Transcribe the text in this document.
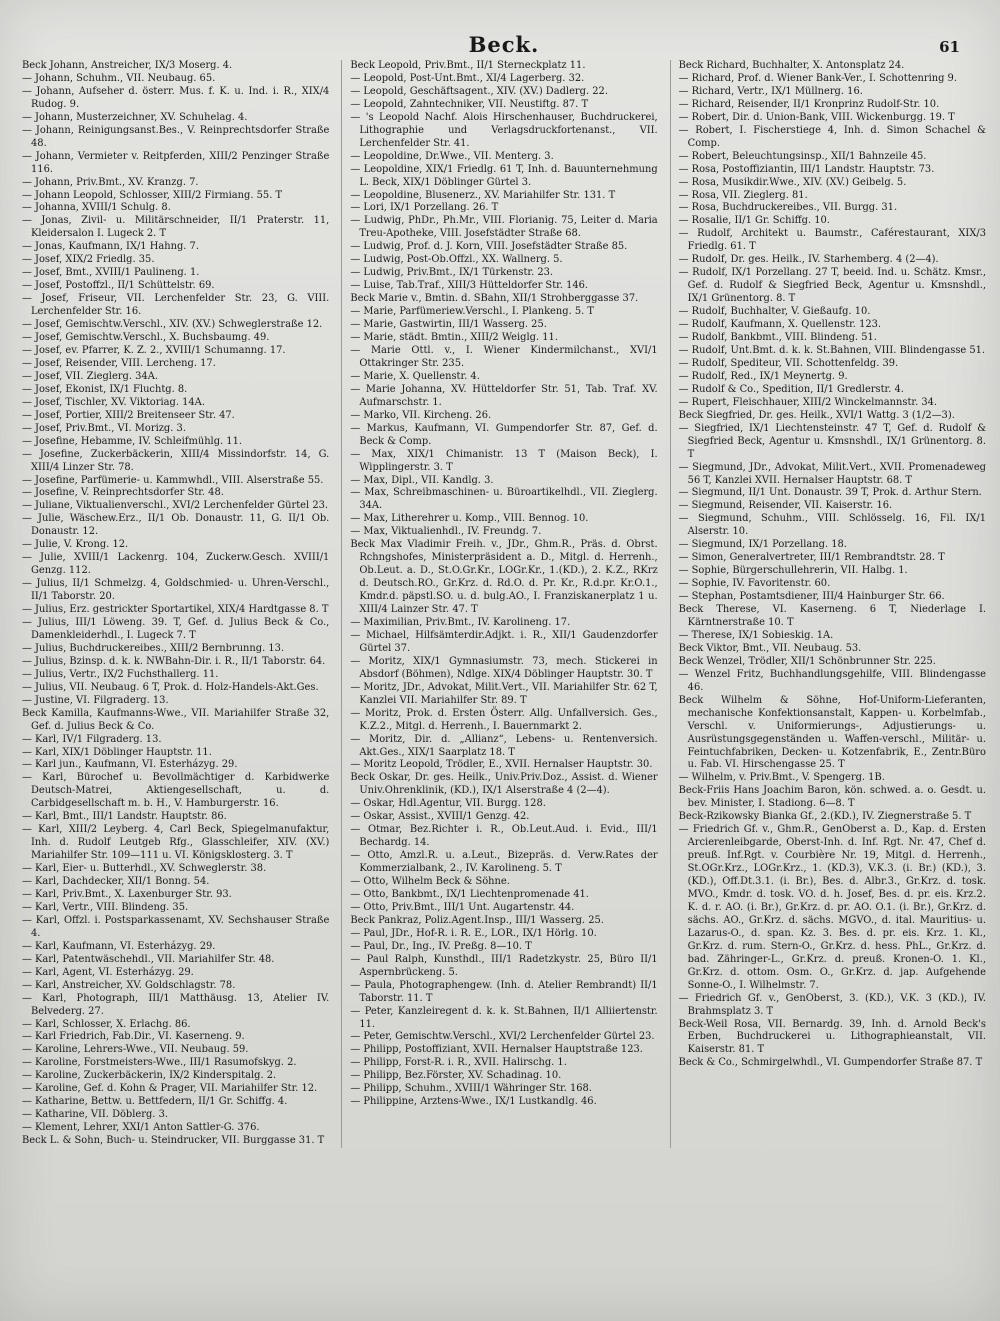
Beck.	61

Beck Johann, Anstreicher, IX/3 Moserg. 4.

— Johann, Schuhm., VII. Neubaug. 65.

— Johann, Aufseher d. österr. Mus. f. K. u. Ind. i. R., XIX/4 Rudog. 9.

— Johann, Musterzeichner, XV. Schuhelag. 4.

— Johann, Reinigungsanst.Bes., V. Reinprechtsdorfer Straße 48.

— Johann, Vermieter v. Reitpferden, XIII/2 Penzinger Straße 116.

— Johann, Priv.Bmt., XV. Kranzg. 7.

— Johann Leopold, Schlosser, XIII/2 Firmiang. 55. T

— Johanna, XVIII/1 Schulg. 8.

— Jonas, Zivil- u. Militärschneider, II/1 Praterstr. 11, Kleidersalon I. Lugeck 2. T

— Jonas, Kaufmann, IX/1 Hahng. 7.

— Josef, XIX/2 Friedlg. 35.

— Josef, Bmt., XVIII/1 Paulineng. 1.

— Josef, Postoffzl., II/1 Schüttelstr. 69.

— Josef, Friseur, VII. Lerchenfelder Str. 23, G. VIII. Lerchenfelder Str. 16.

— Josef, Gemischtw.Verschl., XIV. (XV.) Schweglerstraße 12.

— Josef, Gemischtw.Verschl., X. Buchsbaumg. 49.

— Josef, ev. Pfarrer, K. Z. 2., XVIII/1 Schumanng. 17.

— Josef, Reisender, VIII. Lercheng. 17.

— Josef, VII. Zieglerg. 34A.

— Josef, Ekonist, IX/1 Fluchtg. 8.

— Josef, Tischler, XV. Viktoriag. 14A.

— Josef, Portier, XIII/2 Breitenseer Str. 47.

— Josef, Priv.Bmt., VI. Morizg. 3.

— Josefine, Hebamme, IV. Schleifmühlg. 11.

— Josefine, Zuckerbäckerin, XIII/4 Missindorfstr. 14, G. XIII/4 Linzer Str. 78.

— Josefine, Parfümerie- u. Kammwhdl., VIII. Alserstraße 55.

— Josefine, V. Reinprechtsdorfer Str. 48.

— Juliane, Viktualienverschl., XVI/2 Lerchenfelder Gürtel 23.

— Julie, Wäschew.Erz., II/1 Ob. Donaustr. 11, G. II/1 Ob. Donaustr. 12.

— Julie, V. Krong. 12.

— Julie, XVIII/1 Lackenrg. 104, Zuckerw.Gesch. XVIII/1 Genzg. 112.

— Julius, II/1 Schmelzg. 4, Goldschmied- u. Uhren-Verschl., II/1 Taborstr. 20.

— Julius, Erz. gestrickter Sportartikel, XIX/4 Hardtgasse 8. T

— Julius, III/1 Löweng. 39. T, Gef. d. Julius Beck & Co., Damenkleiderhdl., I. Lugeck 7. T

— Julius, Buchdruckereibes., XIII/2 Bernbrunng. 13.

— Julius, Bzinsp. d. k. k. NWBahn-Dir. i. R., II/1 Taborstr. 64.

— Julius, Vertr., IX/2 Fuchsthallerg. 11.

— Julius, VII. Neubaug. 6 T, Prok. d. Holz-Handels-Akt.Ges.

— Justine, VI. Filgraderg. 13.

Beck Kamilla, Kaufmanns-Wwe., VII. Mariahilfer Straße 32, Gef. d. Julius Beck & Co.

— Karl, IV/1 Filgraderg. 13.

— Karl, XIX/1 Döblinger Hauptstr. 11.

— Karl jun., Kaufmann, VI. Esterházyg. 29.

— Karl, Bürochef u. Bevollmächtiger d. Karbidwerke Deutsch-Matrei, Aktiengesellschaft, u. d. Carbidgesellschaft m. b. H., V. Hamburgerstr. 16.

— Karl, Bmt., III/1 Landstr. Hauptstr. 86.

— Karl, XIII/2 Leyberg. 4, Carl Beck, Spiegelmanufaktur, Inh. d. Rudolf Leutgeb Rfg., Glasschleifer, XIV. (XV.) Mariahilfer Str. 109—111 u. VI. Königsklosterg. 3. T

— Karl, Eier- u. Butterhdl., XV. Schweglerstr. 38.

— Karl, Dachdecker, XII/1 Bonng. 54.

— Karl, Priv.Bmt., X. Laxenburger Str. 93.

— Karl, Vertr., VIII. Blindeng. 35.

— Karl, Offzl. i. Postsparkassenamt, XV. Sechshauser Straße 4.

— Karl, Kaufmann, VI. Esterházyg. 29.

— Karl, Patentwäschehdl., VII. Mariahilfer Str. 48.

— Karl, Agent, VI. Esterházyg. 29.

— Karl, Anstreicher, XV. Goldschlagstr. 78.

— Karl, Photograph, III/1 Matthäusg. 13, Atelier IV. Belvederg. 27.

— Karl, Schlosser, X. Erlachg. 86.

— Karl Friedrich, Fab.Dir., VI. Kaserneng. 9.

— Karoline, Lehrers-Wwe., VII. Neubaug. 59.

— Karoline, Forstmeisters-Wwe., III/1 Rasumofskyg. 2.

— Karoline, Zuckerbäckerin, IX/2 Kinderspitalg. 2.

— Karoline, Gef. d. Kohn & Prager, VII. Mariahilfer Str. 12.

— Katharine, Bettw. u. Bettfedern, II/1 Gr. Schiffg. 4.

— Katharine, VII. Döblerg. 3.

— Klement, Lehrer, XXI/1 Anton Sattler-G. 376.

Beck L. & Sohn, Buch- u. Steindrucker, VII. Burggasse 31. T

Beck Leopold, Priv.Bmt., II/1 Sterneckplatz 11.

— Leopold, Post-Unt.Bmt., XI/4 Lagerberg. 32.

— Leopold, Geschäftsagent., XIV. (XV.) Dadlerg. 22.

— Leopold, Zahntechniker, VII. Neustiftg. 87. T

— 's Leopold Nachf. Alois Hirschenhauser, Buchdruckerei, Lithographie und Verlagsdruckfortenanst., VII. Lerchenfelder Str. 41.

— Leopoldine, Dr.Wwe., VII. Menterg. 3.

— Leopoldine, XIX/1 Friedlg. 61 T, Inh. d. Bauunternehmung L. Beck, XIX/1 Döblinger Gürtel 3.

— Leopoldine, Blusenerz., XV. Mariahilfer Str. 131. T

— Lori, IX/1 Porzellang. 26. T

— Ludwig, PhDr., Ph.Mr., VIII. Florianig. 75, Leiter d. Maria Treu-Apotheke, VIII. Josefstädter Straße 68.

— Ludwig, Prof. d. J. Korn, VIII. Josefstädter Straße 85.

— Ludwig, Post-Ob.Offzl., XX. Wallnerg. 5.

— Ludwig, Priv.Bmt., IX/1 Türkenstr. 23.

— Luise, Tab.Traf., XIII/3 Hütteldorfer Str. 146.

Beck Marie v., Bmtin. d. SBahn, XII/1 Strohberggasse 37.

— Marie, Parfümeriew.Verschl., I. Plankeng. 5. T

— Marie, Gastwirtin, III/1 Wasserg. 25.

— Marie, städt. Bmtin., XIII/2 Weiglg. 11.

— Marie Ottl. v., I. Wiener Kindermilchanst., XVI/1 Ottakringer Str. 235.

— Marie, X. Quellenstr. 4.

— Marie Johanna, XV. Hütteldorfer Str. 51, Tab. Traf. XV. Aufmarschstr. 1.

— Marko, VII. Kircheng. 26.

— Markus, Kaufmann, VI. Gumpendorfer Str. 87, Gef. d. Beck & Comp.

— Max, XIX/1 Chimanistr. 13 T (Maison Beck), I. Wipplingerstr. 3. T

— Max, Dipl., VII. Kandlg. 3.

— Max, Schreibmaschinen- u. Büroartikelhdl., VII. Zieglerg. 34A.

— Max, Litherehrer u. Komp., VIII. Bennog. 10.

— Max, Viktualienhdl., IV. Freundg. 7.

Beck Max Vladimir Freih. v., JDr., Ghm.R., Präs. d. Obrst. Rchngshofes, Ministerpräsident a. D., Mitgl. d. Herrenh., Ob.Leut. a. D., St.O.Gr.Kr., LOGr.Kr., 1.(KD.), 2. K.Z., RKrz d. Deutsch.RO., Gr.Krz. d. Rd.O. d. Pr. Kr., R.d.pr. Kr.O.1., Kmdr.d. päpstl.SO. u. d. bulg.AO., I. Franziskanerplatz 1 u. XIII/4 Lainzer Str. 47. T

— Maximilian, Priv.Bmt., IV. Karolineng. 17.

— Michael, Hilfsämterdir.Adjkt. i. R., XII/1 Gaudenzdorfer Gürtel 37.

— Moritz, XIX/1 Gymnasiumstr. 73, mech. Stickerei in Absdorf (Böhmen), Ndlge. XIX/4 Döblinger Hauptstr. 30. T

— Moritz, JDr., Advokat, Milit.Vert., VII. Mariahilfer Str. 62 T, Kanzlei VII. Mariahilfer Str. 89. T

— Moritz, Prok. d. Ersten Österr. Allg. Unfallversich. Ges., K.Z.2., Mitgl. d. Herrenh., I. Bauernmarkt 2.

— Moritz, Dir. d. „Allianz“, Lebens- u. Rentenversich. Akt.Ges., XIX/1 Saarplatz 18. T

— Moritz Leopold, Trödler, E., XVII. Hernalser Hauptstr. 30.

Beck Oskar, Dr. ges. Heilk., Univ.Priv.Doz., Assist. d. Wiener Univ.Ohrenklinik, (KD.), IX/1 Alserstraße 4 (2—4).

— Oskar, Hdl.Agentur, VII. Burgg. 128.

— Oskar, Assist., XVIII/1 Genzg. 42.

— Otmar, Bez.Richter i. R., Ob.Leut.Aud. i. Evid., III/1 Bechardg. 14.

— Otto, Amzl.R. u. a.Leut., Bizepräs. d. Verw.Rates der Kommerzialbank, 2., IV. Karolineng. 5. T

— Otto, Wilhelm Beck & Söhne.

— Otto, Bankbmt., IX/1 Liechtenpromenade 41.

— Otto, Priv.Bmt., III/1 Unt. Augartenstr. 44.

Beck Pankraz, Poliz.Agent.Insp., III/1 Wasserg. 25.

— Paul, JDr., Hof-R. i. R. E., LOR., IX/1 Hörlg. 10.

— Paul, Dr., Ing., IV. Preßg. 8—10. T

— Paul Ralph, Kunsthdl., III/1 Radetzkystr. 25, Büro II/1 Aspernbrückeng. 5.

— Paula, Photographengew. (Inh. d. Atelier Rembrandt) II/1 Taborstr. 11. T

— Peter, Kanzleiregent d. k. k. St.Bahnen, II/1 Alliiertenstr. 11.

— Peter, Gemischtw.Verschl., XVI/2 Lerchenfelder Gürtel 23.

— Philipp, Postoffiziant, XVII. Hernalser Hauptstraße 123.

— Philipp, Forst-R. i. R., XVII. Halirschg. 1.

— Philipp, Bez.Förster, XV. Schadinag. 10.

— Philipp, Schuhm., XVIII/1 Währinger Str. 168.

— Philippine, Arztens-Wwe., IX/1 Lustkandlg. 46.

Beck Richard, Buchhalter, X. Antonsplatz 24.

— Richard, Prof. d. Wiener Bank-Ver., I. Schottenring 9.

— Richard, Vertr., IX/1 Müllnerg. 16.

— Richard, Reisender, II/1 Kronprinz Rudolf-Str. 10.

— Robert, Dir. d. Union-Bank, VIII. Wickenburgg. 19. T

— Robert, I. Fischerstiege 4, Inh. d. Simon Schachel & Comp.

— Robert, Beleuchtungsinsp., XII/1 Bahnzeile 45.

— Rosa, Postoffiziantin, III/1 Landstr. Hauptstr. 73.

— Rosa, Musikdir.Wwe., XIV. (XV.) Geibelg. 5.

— Rosa, VII. Zieglerg. 81.

— Rosa, Buchdruckereibes., VII. Burgg. 31.

— Rosalie, II/1 Gr. Schiffg. 10.

— Rudolf, Architekt u. Baumstr., Caférestaurant, XIX/3 Friedlg. 61. T

— Rudolf, Dr. ges. Heilk., IV. Starhemberg. 4 (2—4).

— Rudolf, IX/1 Porzellang. 27 T, beeid. Ind. u. Schätz. Kmsr., Gef. d. Rudolf & Siegfried Beck, Agentur u. Kmsnshdl., IX/1 Grünentorg. 8. T

— Rudolf, Buchhalter, V. Gießaufg. 10.

— Rudolf, Kaufmann, X. Quellenstr. 123.

— Rudolf, Bankbmt., VIII. Blindeng. 51.

— Rudolf, Unt.Bmt. d. k. k. St.Bahnen, VIII. Blindengasse 51.

— Rudolf, Spediteur, VII. Schottenfeldg. 39.

— Rudolf, Red., IX/1 Meynertg. 9.

— Rudolf & Co., Spedition, II/1 Gredlerstr. 4.

— Rupert, Fleischhauer, XIII/2 Winckelmannstr. 34.

Beck Siegfried, Dr. ges. Heilk., XVI/1 Wattg. 3 (1/2—3).

— Siegfried, IX/1 Liechtensteinstr. 47 T, Gef. d. Rudolf & Siegfried Beck, Agentur u. Kmsnshdl., IX/1 Grünentorg. 8. T

— Siegmund, JDr., Advokat, Milit.Vert., XVII. Promenadeweg 56 T, Kanzlei XVII. Hernalser Hauptstr. 68. T

— Siegmund, II/1 Unt. Donaustr. 39 T, Prok. d. Arthur Stern.

— Siegmund, Reisender, VII. Kaiserstr. 16.

— Siegmund, Schuhm., VIII. Schlösselg. 16, Fil. IX/1 Alserstr. 10.

— Siegmund, IX/1 Porzellang. 18.

— Simon, Generalvertreter, III/1 Rembrandtstr. 28. T

— Sophie, Bürgerschullehrerin, VII. Halbg. 1.

— Sophie, IV. Favoritenstr. 60.

— Stephan, Postamtsdiener, III/4 Hainburger Str. 66.

Beck Therese, VI. Kaserneng. 6 T, Niederlage I. Kärntnerstraße 10. T

— Therese, IX/1 Sobieskig. 1A.

Beck Viktor, Bmt., VII. Neubaug. 53.

Beck Wenzel, Trödler, XII/1 Schönbrunner Str. 225.

— Wenzel Fritz, Buchhandlungsgehilfe, VIII. Blindengasse 46.

Beck Wilhelm & Söhne, Hof-Uniform-Lieferanten, mechanische Konfektionsanstalt, Kappen- u. Korbelmfab., Verschl. v. Uniformierungs-, Adjustierungs- u. Ausrüstungsgegenständen u. Waffen-verschl., Militär- u. Feintuchfabriken, Decken- u. Kotzenfabrik, E., Zentr.Büro u. Fab. VI. Hirschengasse 25. T

— Wilhelm, v. Priv.Bmt., V. Spengerg. 1B.

Beck-Friis Hans Joachim Baron, kön. schwed. a. o. Gesdt. u. bev. Minister, I. Stadiong. 6—8. T

Beck-Rzikowsky Bianka Gf., 2.(KD.), IV. Ziegnerstraße 5. T

— Friedrich Gf. v., Ghm.R., GenOberst a. D., Kap. d. Ersten Arcierenleibgarde, Oberst-Inh. d. Inf. Rgt. Nr. 47, Chef d. preuß. Inf.Rgt. v. Courbière Nr. 19, Mitgl. d. Herrenh., St.OGr.Krz., LOGr.Krz., 1. (KD.3), V.K.3. (i. Br.) (KD.), 3.(KD.), Off.Dt.3.1. (i. Br.), Bes. d. Albr.3., Gr.Krz. d. tosk. MVO., Kmdr. d. tosk. VO. d. h. Josef, Bes. d. pr. eis. Krz.2. K. d. r. AO. (i. Br.), Gr.Krz. d. pr. AO. O.1. (i. Br.), Gr.Krz. d. sächs. AO., Gr.Krz. d. sächs. MGVO., d. ital. Mauritius- u. Lazarus-O., d. span. Kz. 3. Bes. d. pr. eis. Krz. 1. Kl., Gr.Krz. d. rum. Stern-O., Gr.Krz. d. hess. PhL., Gr.Krz. d. bad. Zähringer-L., Gr.Krz. d. preuß. Kronen-O. 1. Kl., Gr.Krz. d. ottom. Osm. O., Gr.Krz. d. jap. Aufgehende Sonne-O., I. Wilhelmstr. 7.

— Friedrich Gf. v., GenOberst, 3. (KD.), V.K. 3 (KD.), IV. Brahmsplatz 3. T

Beck-Weil Rosa, VII. Bernardg. 39, Inh. d. Arnold Beck's Erben, Buchdruckerei u. Lithographieanstalt, VII. Kaiserstr. 81. T

Beck & Co., Schmirgelwhdl., VI. Gumpendorfer Straße 87. T
